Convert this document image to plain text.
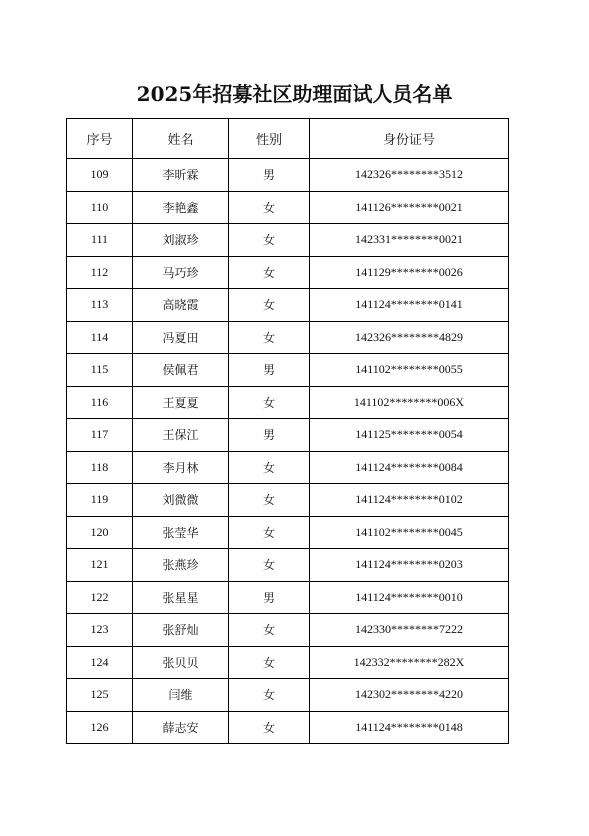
2025年招募社区助理面试人员名单
序号	姓名	性别	身份证号
109	李昕霖	男	142326********3512
110	李艳鑫	女	141126********0021
111	刘淑珍	女	142331********0021
112	马巧珍	女	141129********0026
113	高晓霞	女	141124********0141
114	冯夏田	女	142326********4829
115	侯佩君	男	141102********0055
116	王夏夏	女	141102********006X
117	王保江	男	141125********0054
118	李月林	女	141124********0084
119	刘微微	女	141124********0102
120	张莹华	女	141102********0045
121	张燕珍	女	141124********0203
122	张星星	男	141124********0010
123	张舒灿	女	142330********7222
124	张贝贝	女	142332********282X
125	闫维	女	142302********4220
126	薛志安	女	141124********0148
